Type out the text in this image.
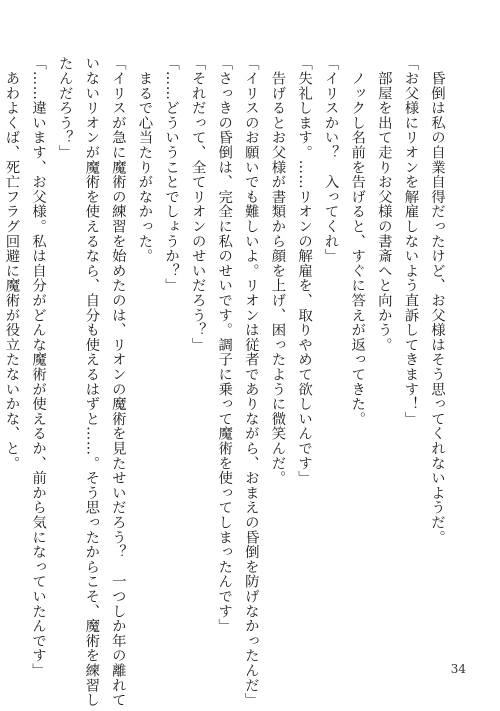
　昏倒は私の自業自得だったけど、お父様はそう思ってくれないようだ。
「お父様にリオンを解雇しないよう直訴してきます！」
　部屋を出て走りお父様の書斎へと向かう。
　ノックし名前を告げると、すぐに答えが返ってきた。
「イリスかい？　入ってくれ」
「失礼します。……リオンの解雇を、取りやめて欲しいんです」
　告げるとお父様が書類から顔を上げ、困ったように微笑んだ。
「イリスのお願いでも難しいよ。リオンは従者でありながら、おまえの昏倒を防げなかったんだ」
「さっきの昏倒は、完全に私のせいです。調子に乗って魔術を使ってしまったんです」
「それだって、全てリオンのせいだろう？」
「……どういうことでしょうか？」
　まるで心当たりがなかった。
「イリスが急に魔術の練習を始めたのは、リオンの魔術を見たせいだろう？　一つしか年の離れて
いないリオンが魔術を使えるなら、自分も使えるはずと……。そう思ったからこそ、魔術を練習し
たんだろう？」
「……違います、お父様。私は自分がどんな魔術が使えるか、前から気になっていたんです」
　あわよくば、死亡フラグ回避に魔術が役立たないかな、と。
34
